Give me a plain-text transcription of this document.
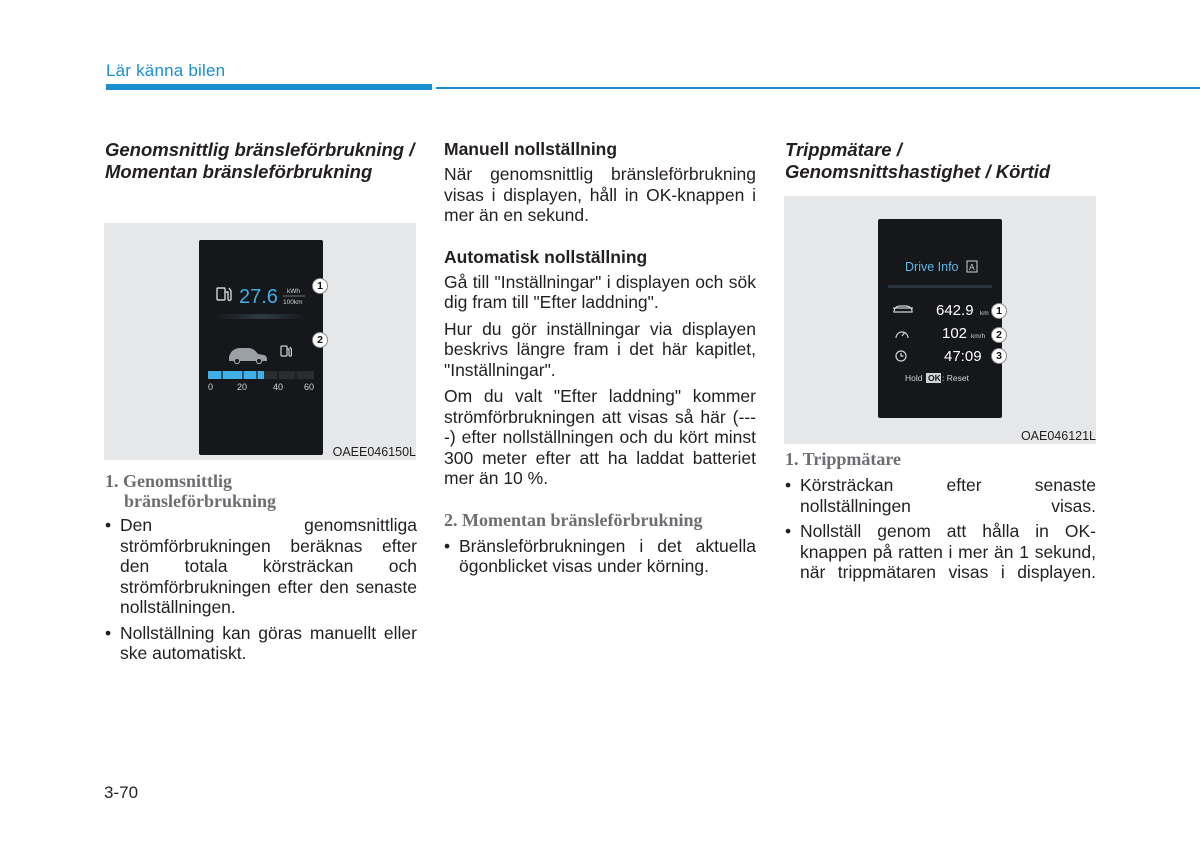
Lär känna bilen
Genomsnittlig bränsleförbrukning / Momentan bränsleförbrukning
27.6 kWh
100km
0	20	40 60
1
2
OAEE046150L
1. Genomsnittlig
bränsleförbrukning
• Den genomsnittliga strömförbrukningen beräknas efter den totala körsträckan och strömförbrukningen efter den senaste nollställningen.
• Nollställning kan göras manuellt eller ske automatiskt.
Manuell nollställning

När genomsnittlig bränsleförbrukning visas i displayen, håll in OK-knappen i mer än en sekund.

Automatisk nollställning

Gå till "Inställningar" i displayen och sök dig fram till "Efter laddning".

Hur du gör inställningar via displayen beskrivs längre fram i det här kapitlet, "Inställningar".

Om du valt "Efter laddning" kommer strömförbrukningen att visas så här (----) efter nollställningen och du kört minst 300 meter efter att ha laddat batteriet mer än 10 %.

2. Momentan bränsleförbrukning
• Bränsleförbrukningen i det aktuella ögonblicket visas under körning.
Trippmätare / Genomsnittshastighet / Körtid
Drive Info A
642.9 km
102 km/h
47:09
Hold OK : Reset
1
2
3
OAE046121L
1. Trippmätare
• Körsträckan efter senaste nollställningen visas.
• Nollställ genom att hålla in OK-knappen på ratten i mer än 1 sekund, när trippmätaren visas i displayen.
3-70
